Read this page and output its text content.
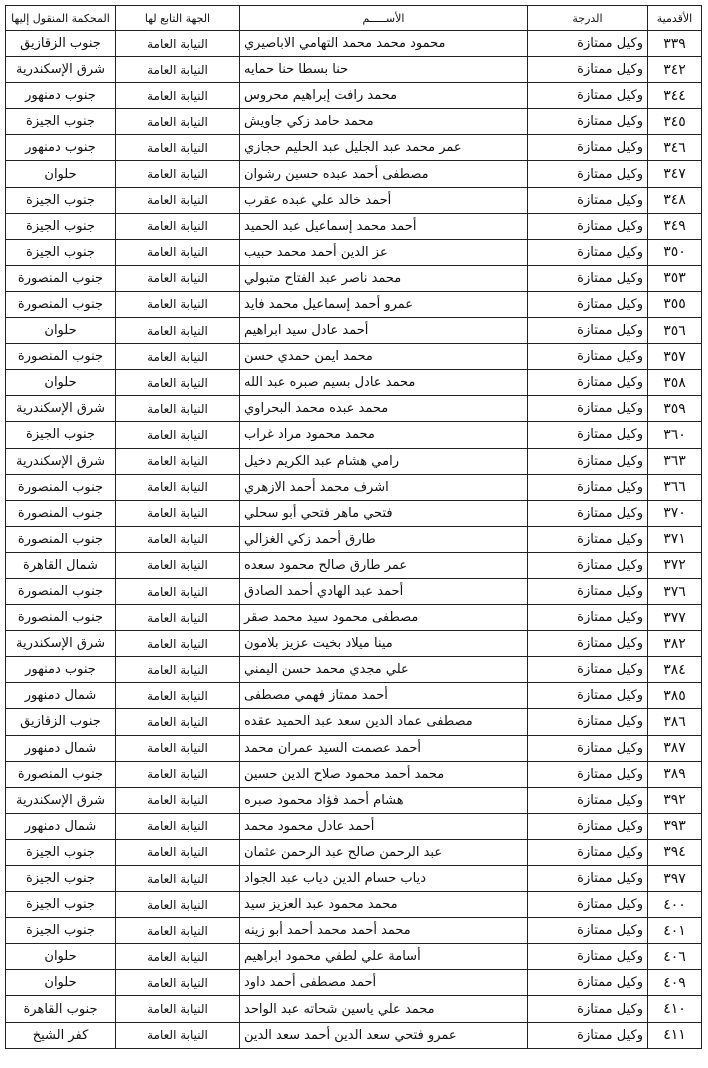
الأقدمية	الدرجة	الأســـــم	الجهة التابع لها	المحكمة المنقول إليها
٣٣٩	وكيل ممتازة	محمود محمد محمد التهامي الاباصيري	النيابة العامة	جنوب الزقازيق
٣٤٢	وكيل ممتازة	حنا بسطا حنا حمايه	النيابة العامة	شرق الإسكندرية
٣٤٤	وكيل ممتازة	محمد رافت إبراهيم محروس	النيابة العامة	جنوب دمنهور
٣٤٥	وكيل ممتازة	محمد حامد زكي جاويش	النيابة العامة	جنوب الجيزة
٣٤٦	وكيل ممتازة	عمر محمد عبد الجليل عبد الحليم حجازي	النيابة العامة	جنوب دمنهور
٣٤٧	وكيل ممتازة	مصطفى أحمد عبده حسين رشوان	النيابة العامة	حلوان
٣٤٨	وكيل ممتازة	أحمد خالد علي عبده عقرب	النيابة العامة	جنوب الجيزة
٣٤٩	وكيل ممتازة	أحمد محمد إسماعيل عبد الحميد	النيابة العامة	جنوب الجيزة
٣٥٠	وكيل ممتازة	عز الدين أحمد محمد حبيب	النيابة العامة	جنوب الجيزة
٣٥٣	وكيل ممتازة	محمد ناصر عبد الفتاح متبولي	النيابة العامة	جنوب المنصورة
٣٥٥	وكيل ممتازة	عمرو أحمد إسماعيل محمد فايد	النيابة العامة	جنوب المنصورة
٣٥٦	وكيل ممتازة	أحمد عادل سيد ابراهيم	النيابة العامة	حلوان
٣٥٧	وكيل ممتازة	محمد ايمن حمدي حسن	النيابة العامة	جنوب المنصورة
٣٥٨	وكيل ممتازة	محمد عادل بسيم صبره عبد الله	النيابة العامة	حلوان
٣٥٩	وكيل ممتازة	محمد عبده محمد البحراوي	النيابة العامة	شرق الإسكندرية
٣٦٠	وكيل ممتازة	محمد محمود مراد غراب	النيابة العامة	جنوب الجيزة
٣٦٣	وكيل ممتازة	رامي هشام عبد الكريم دخيل	النيابة العامة	شرق الإسكندرية
٣٦٦	وكيل ممتازة	اشرف محمد أحمد الازهري	النيابة العامة	جنوب المنصورة
٣٧٠	وكيل ممتازة	فتحي ماهر فتحي أبو سحلي	النيابة العامة	جنوب المنصورة
٣٧١	وكيل ممتازة	طارق أحمد زكي الغزالي	النيابة العامة	جنوب المنصورة
٣٧٢	وكيل ممتازة	عمر طارق صالح محمود سعده	النيابة العامة	شمال القاهرة
٣٧٦	وكيل ممتازة	أحمد عبد الهادي أحمد الصادق	النيابة العامة	جنوب المنصورة
٣٧٧	وكيل ممتازة	مصطفى محمود سيد محمد صقر	النيابة العامة	جنوب المنصورة
٣٨٢	وكيل ممتازة	مينا ميلاد بخيت عزيز بلامون	النيابة العامة	شرق الإسكندرية
٣٨٤	وكيل ممتازة	علي مجدي محمد حسن اليمني	النيابة العامة	جنوب دمنهور
٣٨٥	وكيل ممتازة	أحمد ممتاز فهمي مصطفى	النيابة العامة	شمال دمنهور
٣٨٦	وكيل ممتازة	مصطفى عماد الدين سعد عبد الحميد عقده	النيابة العامة	جنوب الزقازيق
٣٨٧	وكيل ممتازة	أحمد عصمت السيد عمران محمد	النيابة العامة	شمال دمنهور
٣٨٩	وكيل ممتازة	محمد أحمد محمود صلاح الدين حسين	النيابة العامة	جنوب المنصورة
٣٩٢	وكيل ممتازة	هشام أحمد فؤاد محمود صبره	النيابة العامة	شرق الإسكندرية
٣٩٣	وكيل ممتازة	أحمد عادل محمود محمد	النيابة العامة	شمال دمنهور
٣٩٤	وكيل ممتازة	عبد الرحمن صالح عبد الرحمن عثمان	النيابة العامة	جنوب الجيزة
٣٩٧	وكيل ممتازة	دياب حسام الدين دياب عبد الجواد	النيابة العامة	جنوب الجيزة
٤٠٠	وكيل ممتازة	محمد محمود عبد العزيز سيد	النيابة العامة	جنوب الجيزة
٤٠١	وكيل ممتازة	محمد أحمد محمد أحمد أبو زينه	النيابة العامة	جنوب الجيزة
٤٠٦	وكيل ممتازة	أسامة علي لطفي محمود ابراهيم	النيابة العامة	حلوان
٤٠٩	وكيل ممتازة	أحمد مصطفى أحمد داود	النيابة العامة	حلوان
٤١٠	وكيل ممتازة	محمد علي ياسين شحاته عبد الواحد	النيابة العامة	جنوب القاهرة
٤١١	وكيل ممتازة	عمرو فتحي سعد الدين أحمد سعد الدين	النيابة العامة	كفر الشيخ
